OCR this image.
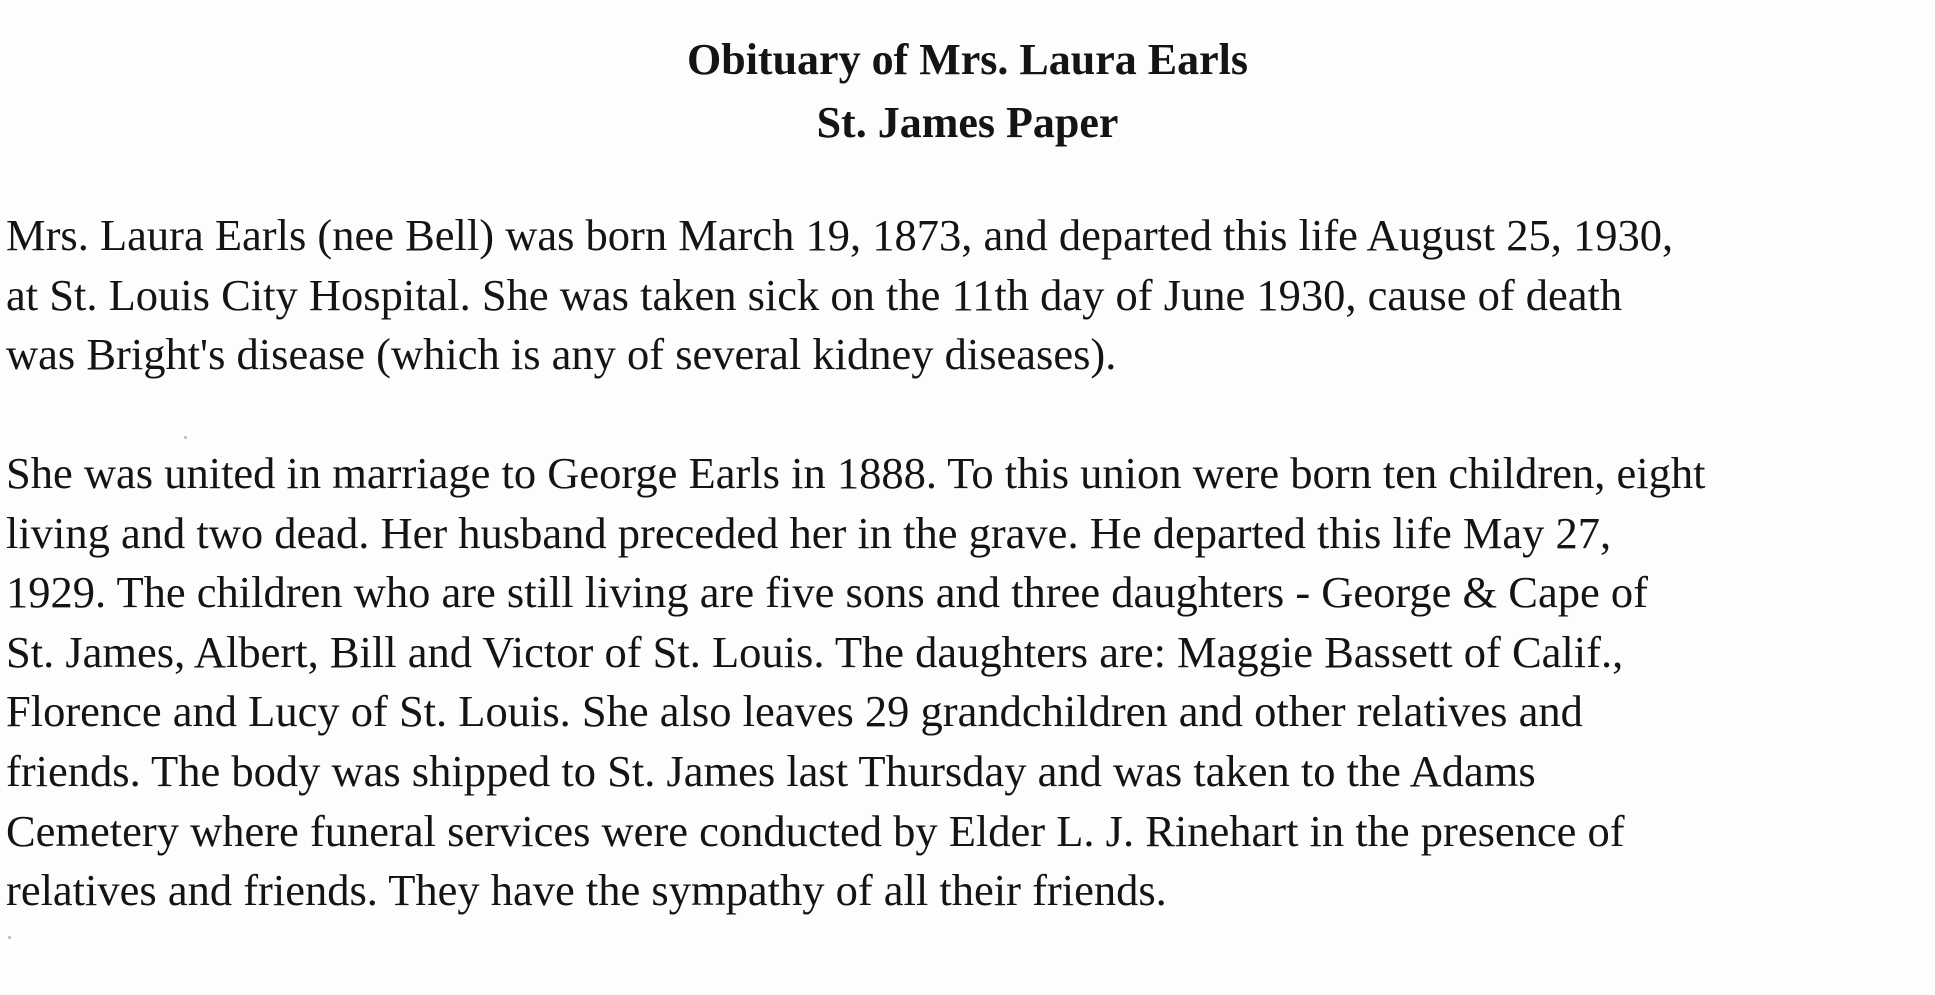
Obituary of Mrs. Laura Earls
St. James Paper
Mrs. Laura Earls (nee Bell) was born March 19, 1873, and departed this life August 25, 1930,
at St. Louis City Hospital. She was taken sick on the 11th day of June 1930, cause of death
was Bright's disease (which is any of several kidney diseases).
She was united in marriage to George Earls in 1888. To this union were born ten children, eight
living and two dead. Her husband preceded her in the grave. He departed this life May 27,
1929. The children who are still living are five sons and three daughters - George & Cape of
St. James, Albert, Bill and Victor of St. Louis. The daughters are: Maggie Bassett of Calif.,
Florence and Lucy of St. Louis. She also leaves 29 grandchildren and other relatives and
friends. The body was shipped to St. James last Thursday and was taken to the Adams
Cemetery where funeral services were conducted by Elder L. J. Rinehart in the presence of
relatives and friends. They have the sympathy of all their friends.
